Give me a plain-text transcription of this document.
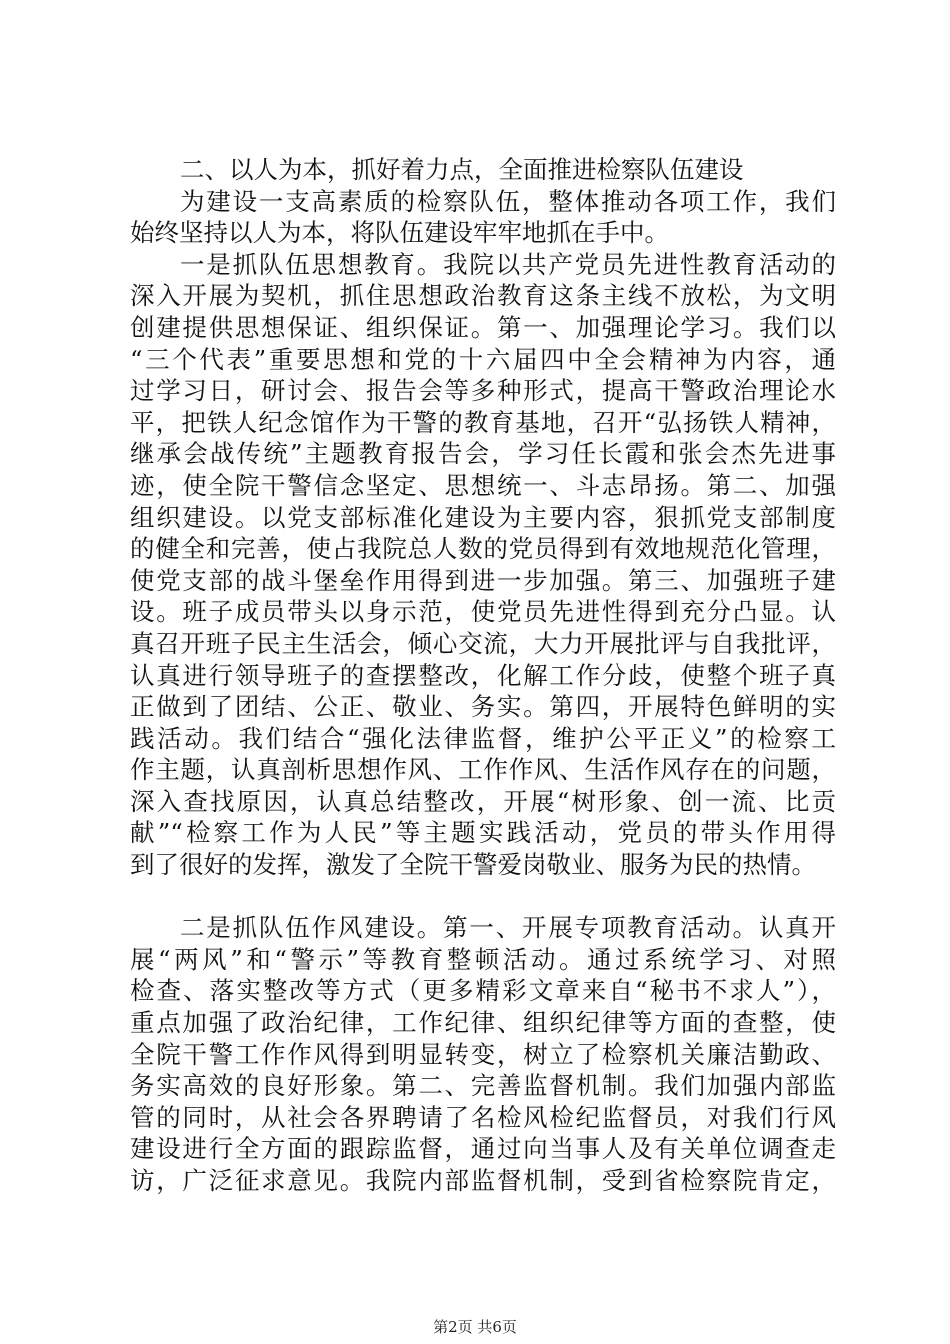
二、以人为本，抓好着力点，全面推进检察队伍建设
为建设一支高素质的检察队伍，整体推动各项工作，我们
始终坚持以人为本，将队伍建设牢牢地抓在手中。
一是抓队伍思想教育。我院以共产党员先进性教育活动的
深入开展为契机，抓住思想政治教育这条主线不放松，为文明
创建提供思想保证、组织保证。第一、加强理论学习。我们以
“三个代表”重要思想和党的十六届四中全会精神为内容，通
过学习日，研讨会、报告会等多种形式，提高干警政治理论水
平，把铁人纪念馆作为干警的教育基地，召开“弘扬铁人精神，
继承会战传统”主题教育报告会，学习任长霞和张会杰先进事
迹，使全院干警信念坚定、思想统一、斗志昂扬。第二、加强
组织建设。以党支部标准化建设为主要内容，狠抓党支部制度
的健全和完善，使占我院总人数的党员得到有效地规范化管理，
使党支部的战斗堡垒作用得到进一步加强。第三、加强班子建
设。班子成员带头以身示范，使党员先进性得到充分凸显。认
真召开班子民主生活会，倾心交流，大力开展批评与自我批评，
认真进行领导班子的查摆整改，化解工作分歧，使整个班子真
正做到了团结、公正、敬业、务实。第四，开展特色鲜明的实
践活动。我们结合“强化法律监督，维护公平正义”的检察工
作主题，认真剖析思想作风、工作作风、生活作风存在的问题，
深入查找原因，认真总结整改，开展“树形象、创一流、比贡
献”“检察工作为人民”等主题实践活动，党员的带头作用得
到了很好的发挥，激发了全院干警爱岗敬业、服务为民的热情。
二是抓队伍作风建设。第一、开展专项教育活动。认真开
展“两风”和“警示”等教育整顿活动。通过系统学习、对照
检查、落实整改等方式（更多精彩文章来自“秘书不求人”），
重点加强了政治纪律，工作纪律、组织纪律等方面的查整，使
全院干警工作作风得到明显转变，树立了检察机关廉洁勤政、
务实高效的良好形象。第二、完善监督机制。我们加强内部监
管的同时，从社会各界聘请了名检风检纪监督员，对我们行风
建设进行全方面的跟踪监督，通过向当事人及有关单位调查走
访，广泛征求意见。我院内部监督机制，受到省检察院肯定，
第2页 共6页
